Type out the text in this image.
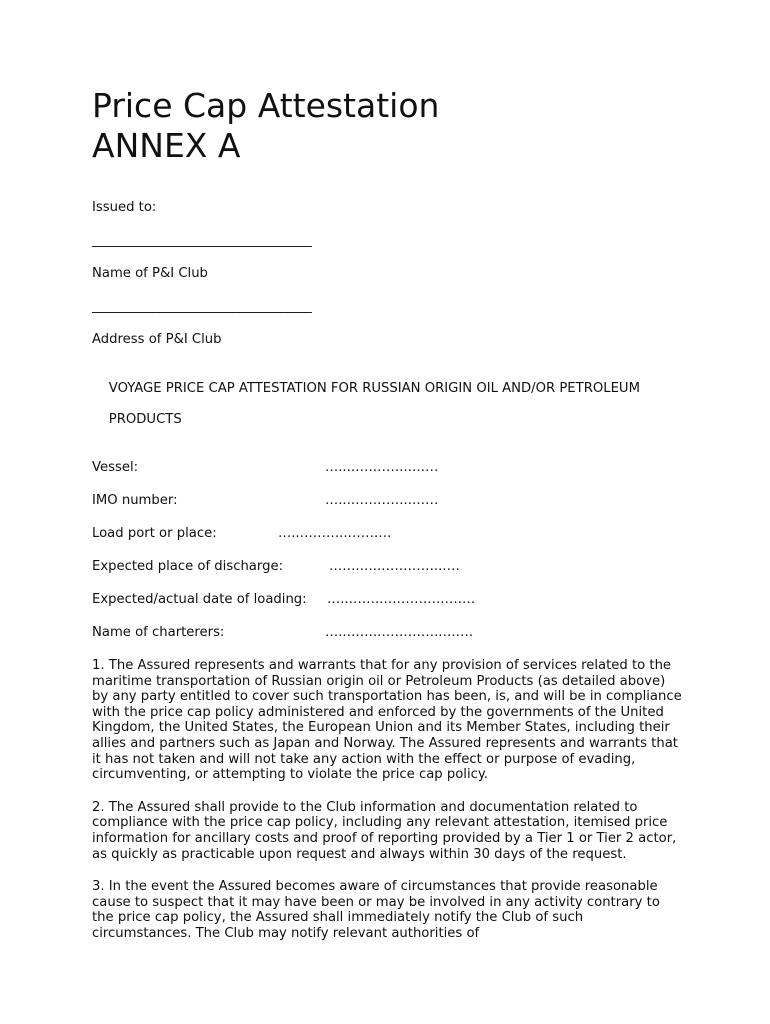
Price Cap Attestation
ANNEX A

Issued to:

____________________________________

Name of P&I Club

____________________________________

Address of P&I Club

VOYAGE PRICE CAP ATTESTATION FOR RUSSIAN ORIGIN OIL AND/OR PETROLEUM

PRODUCTS

Vessel:	…...…………..……
IMO number:	…...…………..……
Load port or place:	…..………..……….
Expected place of discharge:	…….…..…………..….
Expected/actual date of loading: …..……..…………..…….
Name of charterers:	…..……..…………..…….

1. The Assured represents and warrants that for any provision of services related to the maritime transportation of Russian origin oil or Petroleum Products (as detailed above) by any party entitled to cover such transportation has been, is, and will be in compliance with the price cap policy administered and enforced by the governments of the United Kingdom, the United States, the European Union and its Member States, including their allies and partners such as Japan and Norway. The Assured represents and warrants that it has not taken and will not take any action with the effect or purpose of evading, circumventing, or attempting to violate the price cap policy.

2. The Assured shall provide to the Club information and documentation related to compliance with the price cap policy, including any relevant attestation, itemised price information for ancillary costs and proof of reporting provided by a Tier 1 or Tier 2 actor, as quickly as practicable upon request and always within 30 days of the request.

3. In the event the Assured becomes aware of circumstances that provide reasonable cause to suspect that it may have been or may be involved in any activity contrary to the price cap policy, the Assured shall immediately notify the Club of such circumstances. The Club may notify relevant authorities of
